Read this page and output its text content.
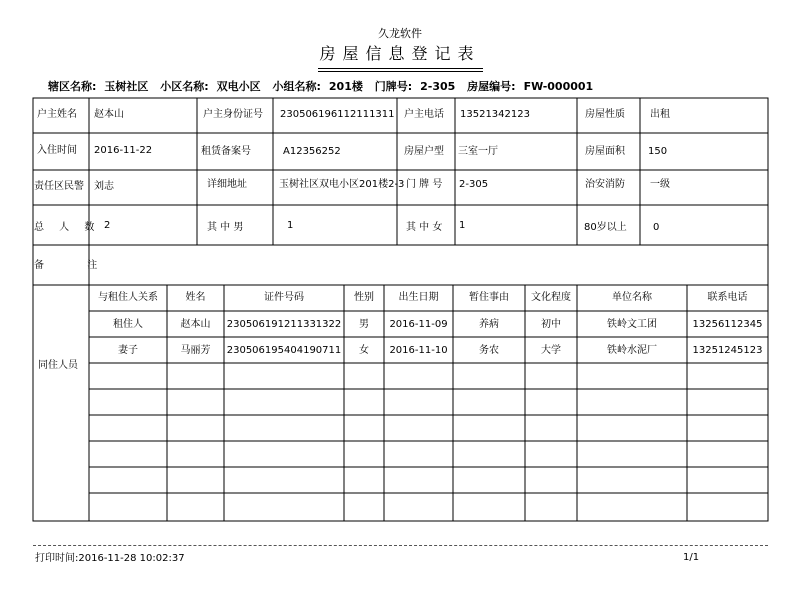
久龙软件
房屋信息登记表
辖区名称: 玉树社区 小区名称: 双电小区 小组名称: 201楼 门牌号: 2-305 房屋编号: FW-000001
户主姓名	赵本山	户主身份证号	230506196112111311 户主电话	13521342123	房屋性质	出租
入住时间	2016-11-22	租赁备案号	A12356252	房屋户型	三室一厅	房屋面积	150
责任区民警	刘志	详细地址	玉树社区双电小区201楼2-3 门 牌 号	2-305	治安消防	一级
总 人 数 2	其 中 男	1	其 中 女	1	80岁以上	0
备 注
同住人员
与租住人关系	姓名	证件号码	性别	出生日期	暂住事由	文化程度	单位名称	联系电话
租住人	赵本山	230506191211331322	男	2016-11-09	养病	初中	铁岭文工团	13256112345
妻子	马丽芳	230506195404190711	女	2016-11-10	务农	大学	铁岭水泥厂	13251245123
打印时间:2016-11-28 10:02:37	1/1
